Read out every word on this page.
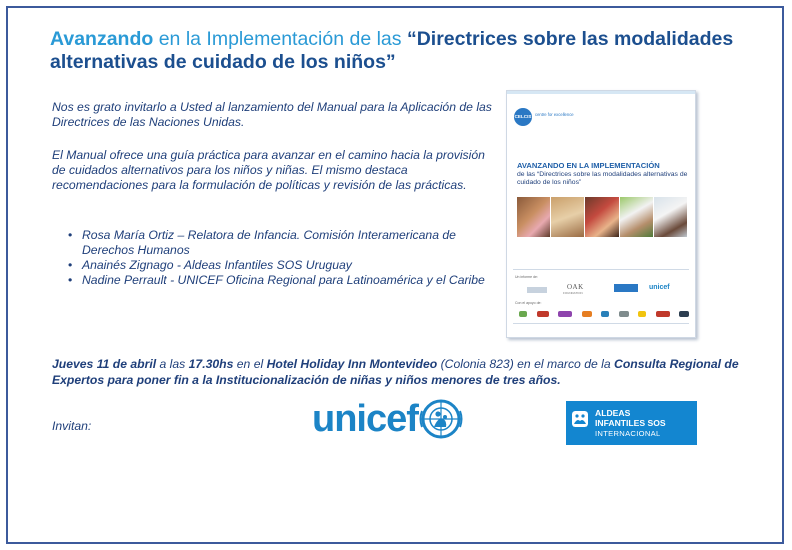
Avanzando en la Implementación de las “Directrices sobre las modalidades alternativas de cuidado de los niños”
Nos es grato invitarlo a Usted al lanzamiento del Manual para la Aplicación de las Directrices de las Naciones Unidas.
El Manual ofrece una guía práctica para avanzar en el camino hacia la provisión de cuidados alternativos para los niños y niñas. El mismo destaca recomendaciones para la formulación de políticas y revisión de las prácticas.
• Rosa María Ortiz – Relatora de Infancia. Comisión Interamericana de Derechos Humanos
• Anainés Zignago - Aldeas Infantiles SOS Uruguay
• Nadine Perrault - UNICEF Oficina Regional para Latinoamérica y el Caribe
CELCIS centre for excellence
AVANZANDO EN LA IMPLEMENTACIÓN
de las “Directrices sobre las modalidades alternativas de cuidado de los niños”
Un informe de:
OAK
FOUNDATION
unicef
Con el apoyo de:
Jueves 11 de abril a las 17.30hs en el Hotel Holiday Inn Montevideo (Colonia 823) en el marco de la Consulta Regional de Expertos para poner fin a la Institucionalización de niñas y niños menores de tres años.
Invitan:	unicef	ALDEAS
INFANTILES SOS
INTERNACIONAL
